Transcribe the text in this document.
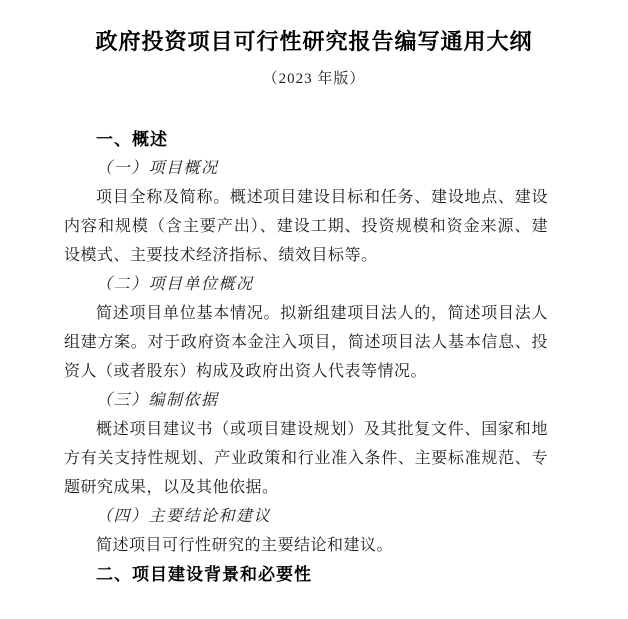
政府投资项目可行性研究报告编写通用大纲
（2023 年版）
一、概述
（一）项目概况

项目全称及简称。概述项目建设目标和任务、建设地点、建设内容和规模（含主要产出）、建设工期、投资规模和资金来源、建设模式、主要技术经济指标、绩效目标等。

（二）项目单位概况

简述项目单位基本情况。拟新组建项目法人的，简述项目法人组建方案。对于政府资本金注入项目，简述项目法人基本信息、投资人（或者股东）构成及政府出资人代表等情况。

（三）编制依据

概述项目建议书（或项目建设规划）及其批复文件、国家和地方有关支持性规划、产业政策和行业准入条件、主要标准规范、专题研究成果，以及其他依据。

（四）主要结论和建议

简述项目可行性研究的主要结论和建议。

二、项目建设背景和必要性
